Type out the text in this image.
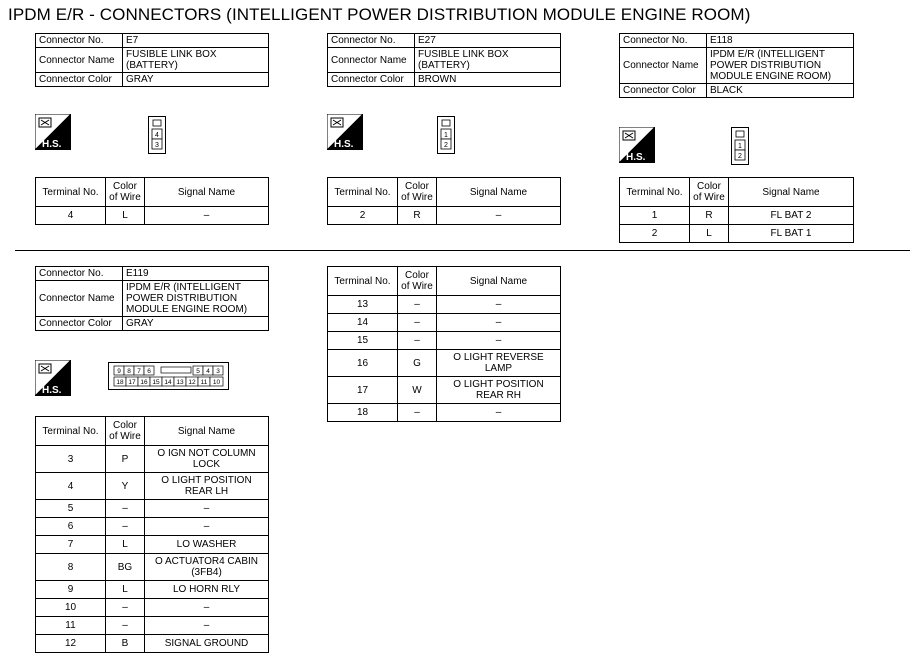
IPDM E/R - CONNECTORS (INTELLIGENT POWER DISTRIBUTION MODULE ENGINE ROOM)
Connector No.	E7
Connector Name	FUSIBLE LINK BOX (BATTERY)
Connector Color	GRAY
H.S.
4
3
Terminal No.	Color of Wire	Signal Name
4	L	–
Connector No.	E27
Connector Name	FUSIBLE LINK BOX (BATTERY)
Connector Color	BROWN
H.S.
1
2
Terminal No.	Color of Wire	Signal Name
2	R	–
Connector No.	E118
Connector Name	IPDM E/R (INTELLIGENT POWER DISTRIBUTION MODULE ENGINE ROOM)
Connector Color	BLACK
H.S.
1
2
Terminal No.	Color of Wire	Signal Name
1	R	FL BAT 2
2	L	FL BAT 1
Connector No.	E119
Connector Name	IPDM E/R (INTELLIGENT POWER DISTRIBUTION MODULE ENGINE ROOM)
Connector Color	GRAY
H.S.
9 8 7 6	5 4 3
18 17 16 15 14 13 12 11 10
Terminal No.	Color of Wire	Signal Name
3	P	O IGN NOT COLUMN LOCK
4	Y	O LIGHT POSITION REAR LH
5	–	–
6	–	–
7	L	LO WASHER
8	BG	O ACTUATOR4 CABIN (3FB4)
9	L	LO HORN RLY
10	–	–
11	–	–
12	B	SIGNAL GROUND
Terminal No.	Color of Wire	Signal Name
13	–	–
14	–	–
15	–	–
16	G	O LIGHT REVERSE LAMP
17	W	O LIGHT POSITION REAR RH
18	–	–
